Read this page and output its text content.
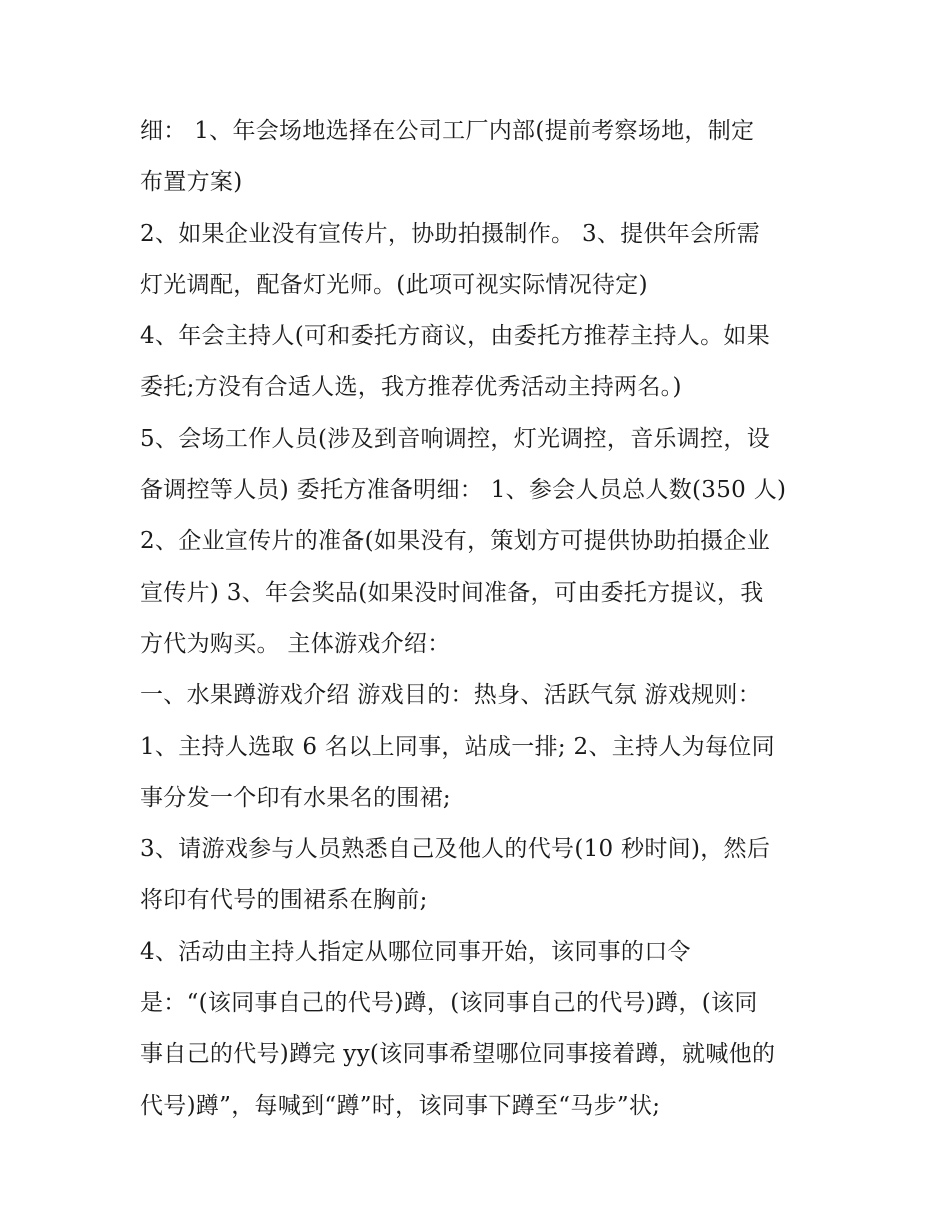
细： 1、年会场地选择在公司工厂内部(提前考察场地，制定
布置方案)
2、如果企业没有宣传片，协助拍摄制作。 3、提供年会所需
灯光调配，配备灯光师。(此项可视实际情况待定)
4、年会主持人(可和委托方商议，由委托方推荐主持人。如果
委托;方没有合适人选，我方推荐优秀活动主持两名。)
5、会场工作人员(涉及到音响调控，灯光调控，音乐调控，设
备调控等人员) 委托方准备明细： 1、参会人员总人数(350 人)
2、企业宣传片的准备(如果没有，策划方可提供协助拍摄企业
宣传片) 3、年会奖品(如果没时间准备，可由委托方提议，我
方代为购买。 主体游戏介绍：
一、水果蹲游戏介绍 游戏目的：热身、活跃气氛 游戏规则：
1、主持人选取 6 名以上同事，站成一排; 2、主持人为每位同
事分发一个印有水果名的围裙;
3、请游戏参与人员熟悉自己及他人的代号(10 秒时间)，然后
将印有代号的围裙系在胸前;
4、活动由主持人指定从哪位同事开始，该同事的口令
是：“(该同事自己的代号)蹲，(该同事自己的代号)蹲，(该同
事自己的代号)蹲完 yy(该同事希望哪位同事接着蹲，就喊他的
代号)蹲”，每喊到“蹲”时，该同事下蹲至“马步”状;
